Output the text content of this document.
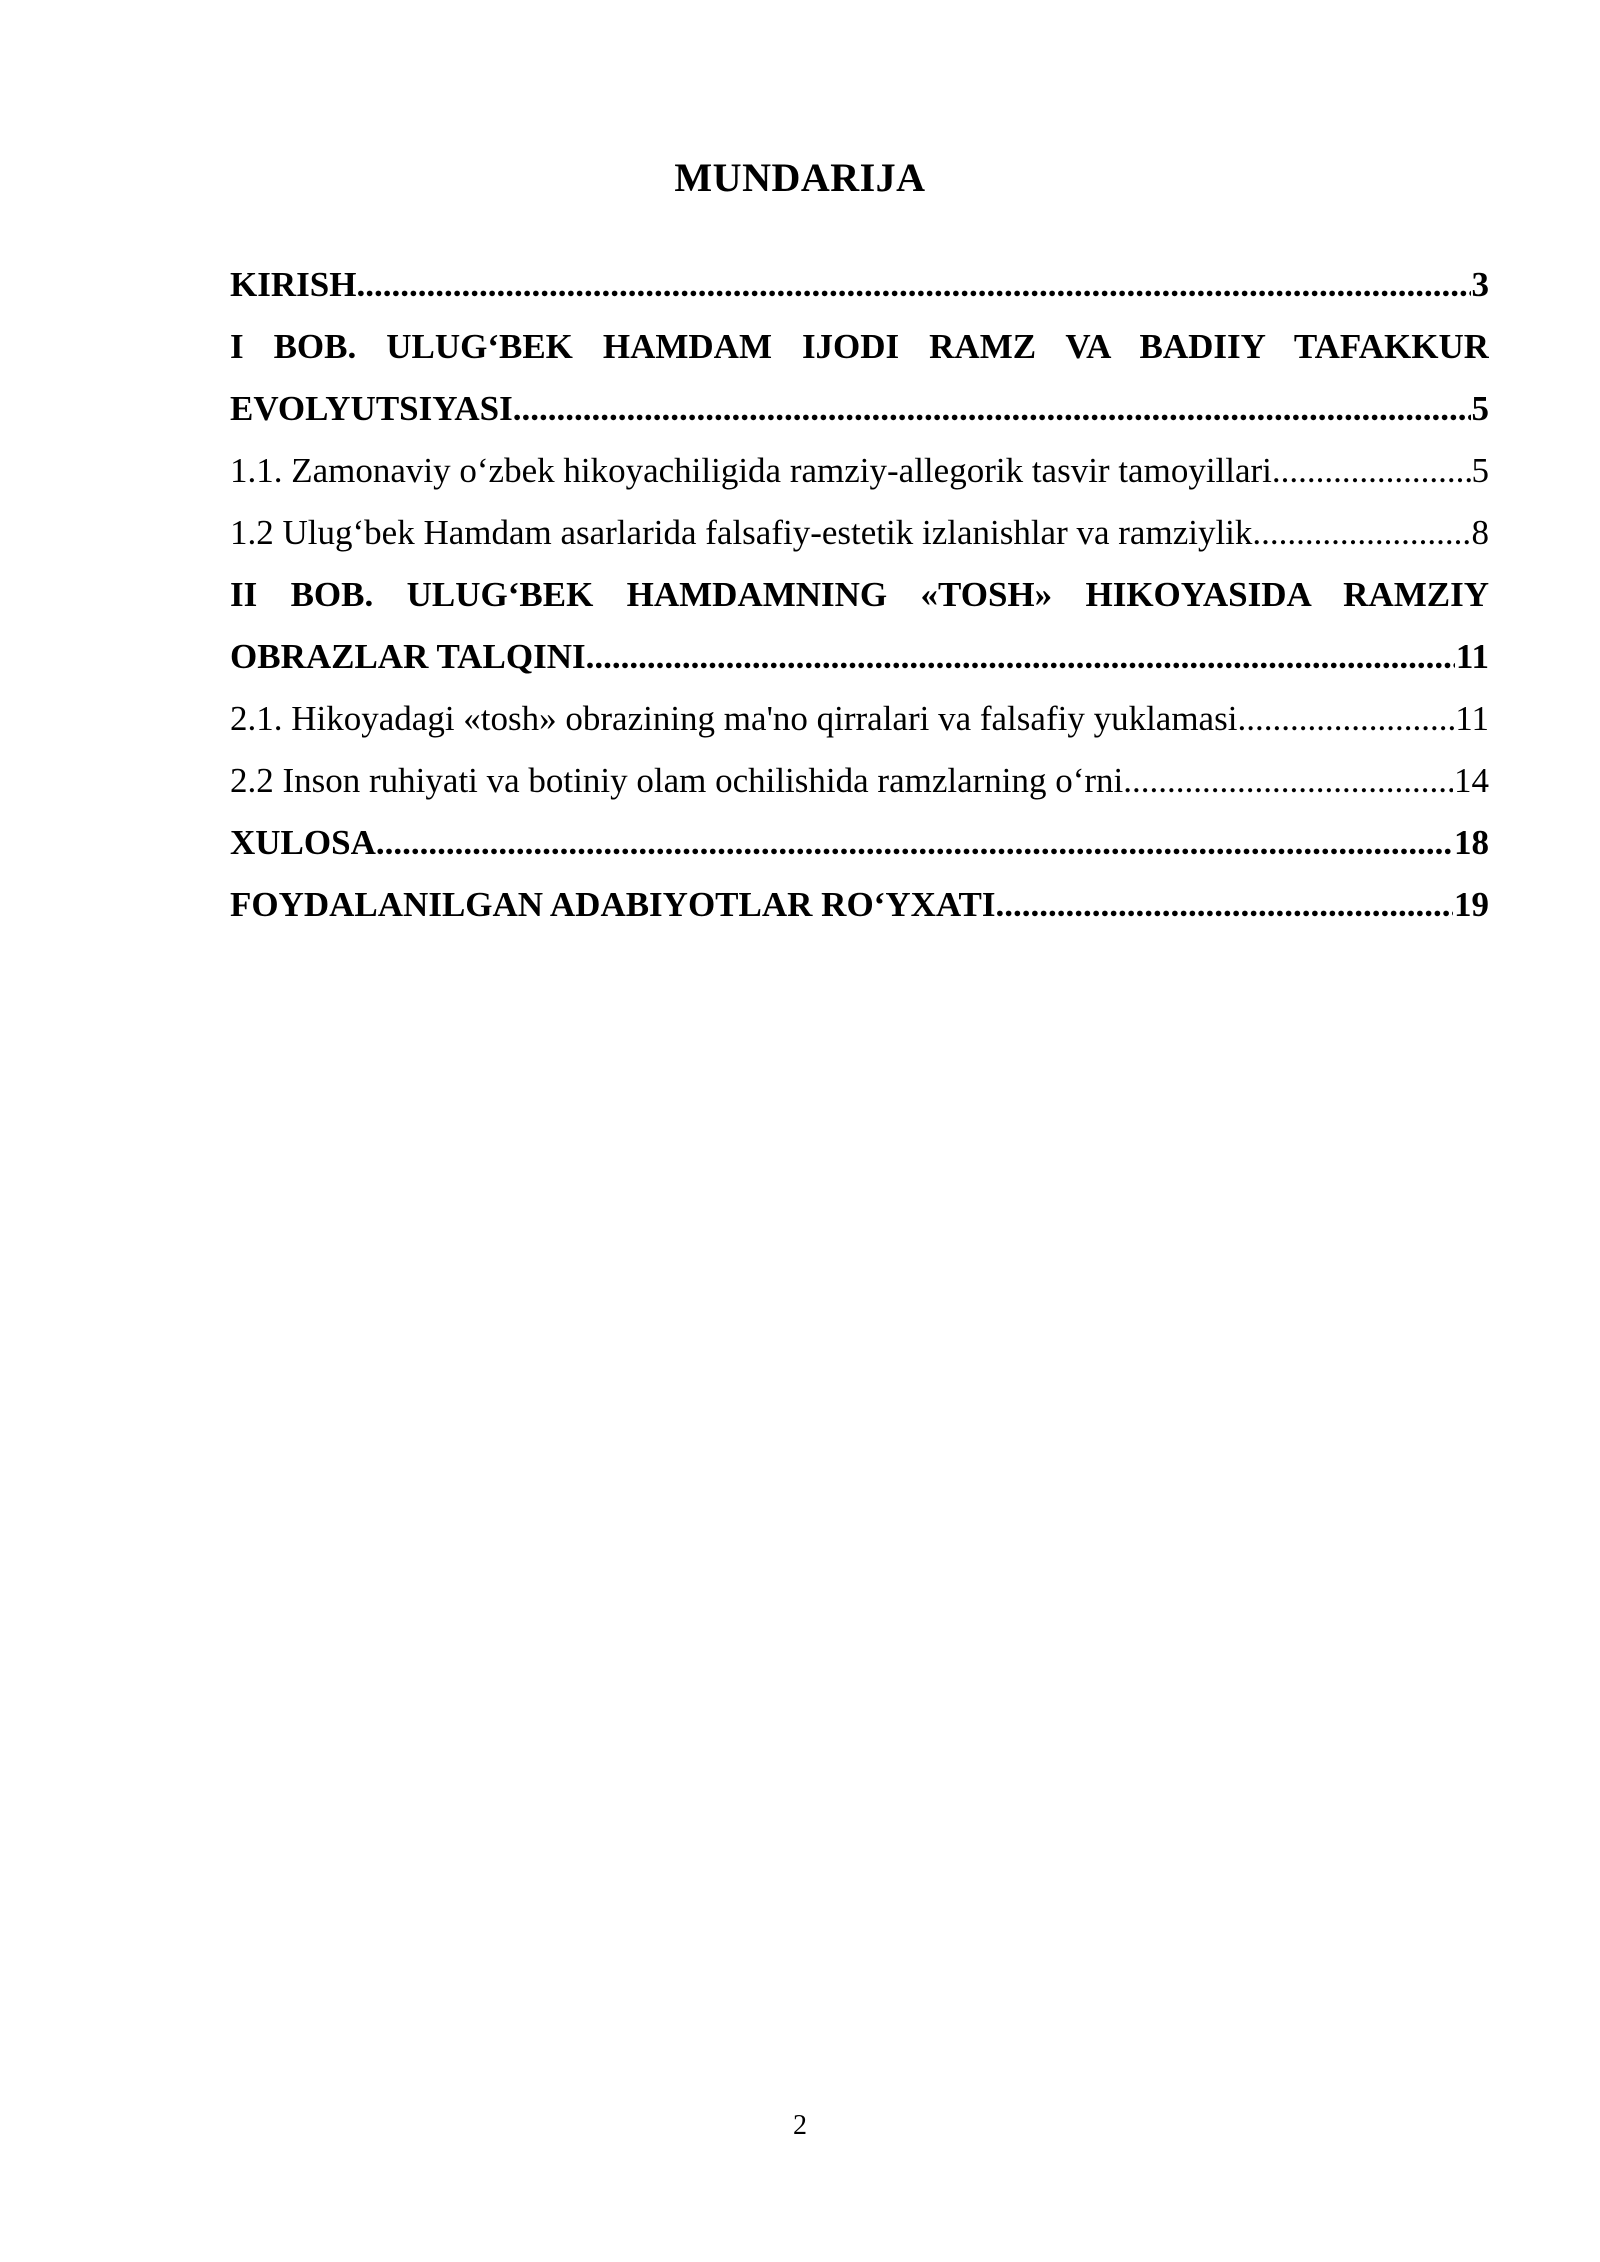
MUNDARIJA
KIRISH .....	3
I BOB. ULUG‘BEK HAMDAM IJODI RAMZ VA BADIIY TAFAKKUR
EVOLYUTSIYASI .....	5
1.1. Zamonaviy o‘zbek hikoyachiligida ramziy-allegorik tasvir tamoyillari .....	5
1.2 Ulug‘bek Hamdam asarlarida falsafiy-estetik izlanishlar va ramziylik .....	8
II BOB. ULUG‘BEK HAMDAMNING «TOSH» HIKOYASIDA RAMZIY
OBRAZLAR TALQINI .....	11
2.1. Hikoyadagi «tosh» obrazining ma'no qirralari va falsafiy yuklamasi .....	11
2.2 Inson ruhiyati va botiniy olam ochilishida ramzlarning o‘rni .....	14
XULOSA .....	18
FOYDALANILGAN ADABIYOTLAR RO‘YXATI .....	19
2
